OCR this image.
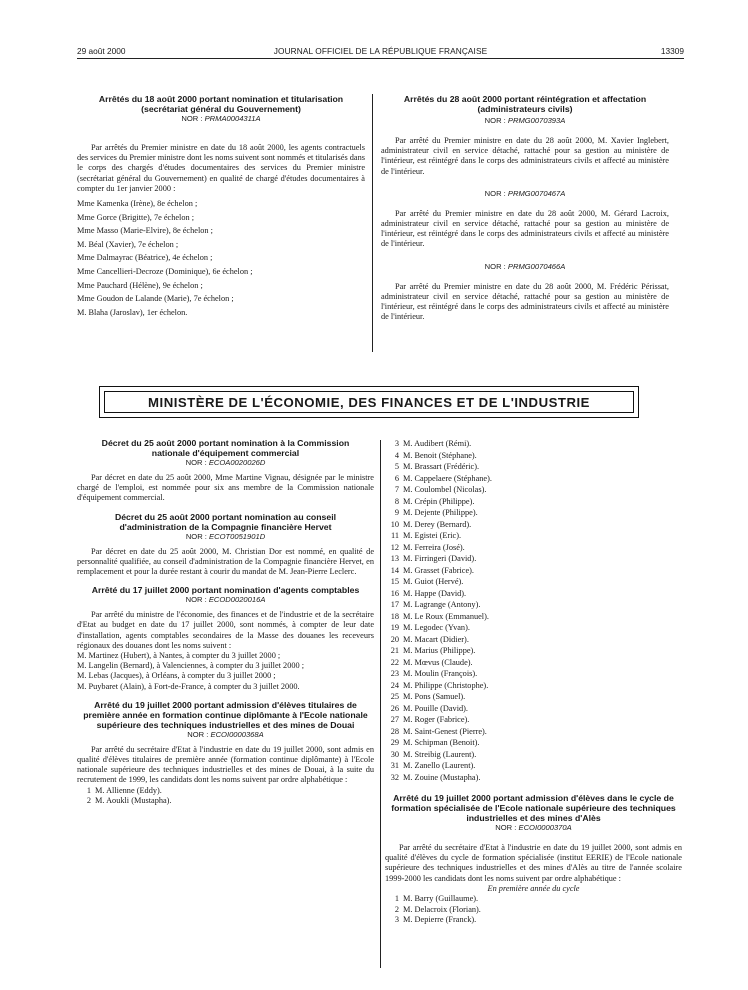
29 août 2000	JOURNAL OFFICIEL DE LA RÉPUBLIQUE FRANÇAISE	13309

Arrêtés du 18 août 2000 portant nomination et titularisation (secrétariat général du Gouvernement)

NOR : PRMA0004311A

Par arrêtés du Premier ministre en date du 18 août 2000, les agents contractuels des services du Premier ministre dont les noms suivent sont nommés et titularisés dans le corps des chargés d'études documentaires des services du Premier ministre (secrétariat général du Gouvernement) en qualité de chargé d'études documentaires à compter du 1er janvier 2000 :

Mme Kamenka (Irène), 8e échelon ;
Mme Gorce (Brigitte), 7e échelon ;
Mme Masso (Marie-Elvire), 8e échelon ;
M. Béal (Xavier), 7e échelon ;
Mme Dalmayrac (Béatrice), 4e échelon ;
Mme Cancellieri-Decroze (Dominique), 6e échelon ;
Mme Pauchard (Hélène), 9e échelon ;
Mme Goudon de Lalande (Marie), 7e échelon ;
M. Blaha (Jaroslav), 1er échelon.

Arrêtés du 28 août 2000 portant réintégration et affectation (administrateurs civils)

NOR : PRMG0070393A

Par arrêté du Premier ministre en date du 28 août 2000, M. Xavier Inglebert, administrateur civil en service détaché, rattaché pour sa gestion au ministère de l'intérieur, est réintégré dans le corps des administrateurs civils et affecté au ministère de l'intérieur.

NOR : PRMG0070467A

Par arrêté du Premier ministre en date du 28 août 2000, M. Gérard Lacroix, administrateur civil en service détaché, rattaché pour sa gestion au ministère de l'intérieur, est réintégré dans le corps des administrateurs civils et affecté au ministère de l'intérieur.

NOR : PRMG0070466A

Par arrêté du Premier ministre en date du 28 août 2000, M. Frédéric Périssat, administrateur civil en service détaché, rattaché pour sa gestion au ministère de l'intérieur, est réintégré dans le corps des administrateurs civils et affecté au ministère de l'intérieur.

MINISTÈRE DE L'ÉCONOMIE, DES FINANCES ET DE L'INDUSTRIE

Décret du 25 août 2000 portant nomination à la Commission nationale d'équipement commercial

NOR : ECOA0020026D

Par décret en date du 25 août 2000, Mme Martine Vignau, désignée par le ministre chargé de l'emploi, est nommée pour six ans membre de la Commission nationale d'équipement commercial.

Décret du 25 août 2000 portant nomination au conseil d'administration de la Compagnie financière Hervet

NOR : ECOT0051901D

Par décret en date du 25 août 2000, M. Christian Dor est nommé, en qualité de personnalité qualifiée, au conseil d'administration de la Compagnie financière Hervet, en remplacement et pour la durée restant à courir du mandat de M. Jean-Pierre Leclerc.

Arrêté du 17 juillet 2000 portant nomination d'agents comptables

NOR : ECOD0020016A

Par arrêté du ministre de l'économie, des finances et de l'industrie et de la secrétaire d'Etat au budget en date du 17 juillet 2000, sont nommés, à compter de leur date d'installation, agents comptables secondaires de la Masse des douanes les receveurs régionaux des douanes dont les noms suivent :

M. Martinez (Hubert), à Nantes, à compter du 3 juillet 2000 ;

M. Langelin (Bernard), à Valenciennes, à compter du 3 juillet 2000 ;

M. Lebas (Jacques), à Orléans, à compter du 3 juillet 2000 ;

M. Puybaret (Alain), à Fort-de-France, à compter du 3 juillet 2000.

Arrêté du 19 juillet 2000 portant admission d'élèves titulaires de première année en formation continue diplômante à l'Ecole nationale supérieure des techniques industrielles et des mines de Douai

NOR : ECOI0000368A

Par arrêté du secrétaire d'Etat à l'industrie en date du 19 juillet 2000, sont admis en qualité d'élèves titulaires de première année (formation continue diplômante) à l'Ecole nationale supérieure des techniques industrielles et des mines de Douai, à la suite du recrutement de 1999, les candidats dont les noms suivent par ordre alphabétique :

1 M. Allienne (Eddy).
2 M. Aoukli (Mustapha).
3 M. Audibert (Rémi).
4 M. Benoit (Stéphane).
5 M. Brassart (Frédéric).
6 M. Cappelaere (Stéphane).
7 M. Coulombel (Nicolas).
8 M. Crépin (Philippe).
9 M. Dejente (Philippe).
10 M. Derey (Bernard).
11 M. Egistei (Eric).
12 M. Ferreira (José).
13 M. Firringeri (David).
14 M. Grasset (Fabrice).
15 M. Guiot (Hervé).
16 M. Happe (David).
17 M. Lagrange (Antony).
18 M. Le Roux (Emmanuel).
19 M. Legodec (Yvan).
20 M. Macart (Didier).
21 M. Marius (Philippe).
22 M. Mœvus (Claude).
23 M. Moulin (François).
24 M. Philippe (Christophe).
25 M. Pons (Samuel).
26 M. Pouille (David).
27 M. Roger (Fabrice).
28 M. Saint-Genest (Pierre).
29 M. Schipman (Benoit).
30 M. Streibig (Laurent).
31 M. Zanello (Laurent).
32 M. Zouine (Mustapha).

Arrêté du 19 juillet 2000 portant admission d'élèves dans le cycle de formation spécialisée de l'Ecole nationale supérieure des techniques industrielles et des mines d'Alès

NOR : ECOI0000370A

Par arrêté du secrétaire d'Etat à l'industrie en date du 19 juillet 2000, sont admis en qualité d'élèves du cycle de formation spécialisée (institut EERIE) de l'Ecole nationale supérieure des techniques industrielles et des mines d'Alès au titre de l'année scolaire 1999-2000 les candidats dont les noms suivent par ordre alphabétique :

En première année du cycle

1 M. Barry (Guillaume).
2 M. Delacroix (Florian).
3 M. Depierre (Franck).
